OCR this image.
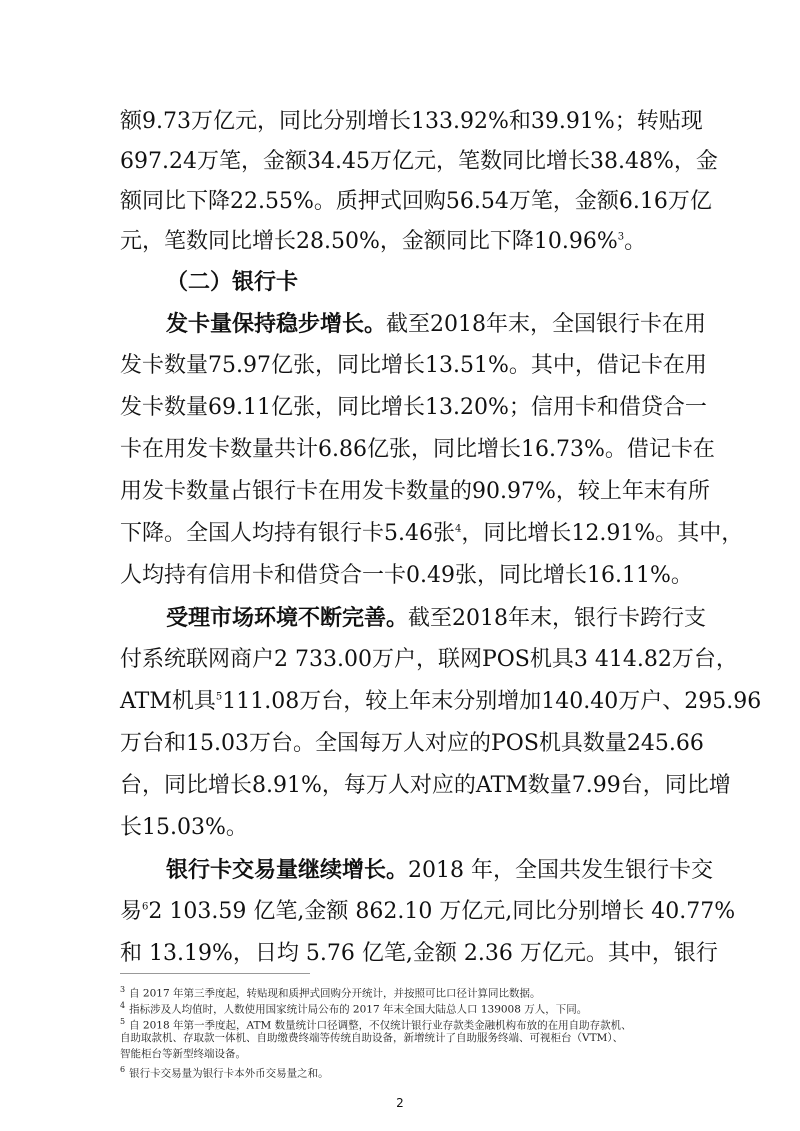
额9.73万亿元，同比分别增长133.92%和39.91%；转贴现
697.24万笔，金额34.45万亿元，笔数同比增长38.48%，金
额同比下降22.55%。质押式回购56.54万笔，金额6.16万亿
元，笔数同比增长28.50%，金额同比下降10.96%$^3$。
（二）银行卡
发卡量保持稳步增长。截至2018年末，全国银行卡在用
发卡数量75.97亿张，同比增长13.51%。其中，借记卡在用
发卡数量69.11亿张，同比增长13.20%；信用卡和借贷合一
卡在用发卡数量共计6.86亿张，同比增长16.73%。借记卡在
用发卡数量占银行卡在用发卡数量的90.97%，较上年末有所
下降。全国人均持有银行卡5.46张$^4$，同比增长12.91%。其中，
人均持有信用卡和借贷合一卡0.49张，同比增长16.11%。
受理市场环境不断完善。截至2018年末，银行卡跨行支
付系统联网商户2 733.00万户，联网POS机具3 414.82万台，
ATM机具$^5$111.08万台，较上年末分别增加140.40万户、295.96
万台和15.03万台。全国每万人对应的POS机具数量245.66
台，同比增长8.91%，每万人对应的ATM数量7.99台，同比增
长15.03%。
银行卡交易量继续增长。2018 年，全国共发生银行卡交
易$^6$2 103.59 亿笔,金额 862.10 万亿元,同比分别增长 40.77%
$^3$ 自 2017 年第三季度起，转贴现和质押式回购分开统计，并按照可比口径计算同比数据。
$^4$ 指标涉及人均值时，人数使用国家统计局公布的 2017 年末全国大陆总人口 139008 万人，下同。
$^5$ 自 2018 年第一季度起，ATM 数量统计口径调整，不仅统计银行业存款类金融机构布放的在用自助存款机、
自助取款机、存取款一体机、自助缴费终端等传统自助设备，新增统计了自助服务终端、可视柜台（VTM）、
智能柜台等新型终端设备。
$^6$ 银行卡交易量为银行卡本外币交易量之和。
2
和 13.19%，日均 5.76 亿笔,金额 2.36 万亿元。其中，银行
